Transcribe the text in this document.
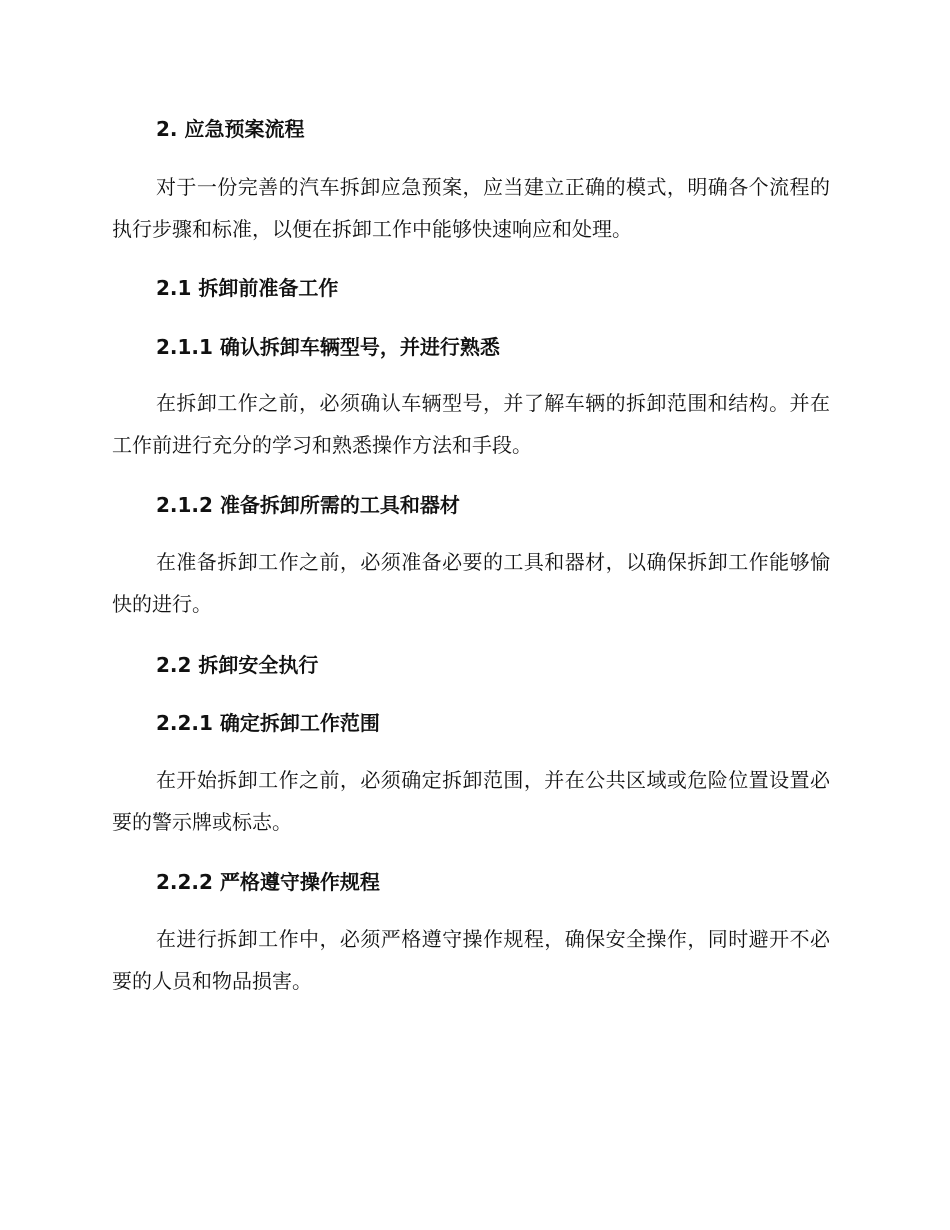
2. 应急预案流程
对于一份完善的汽车拆卸应急预案，应当建立正确的模式，明确各个流程的执行步骤和标准，以便在拆卸工作中能够快速响应和处理。
2.1 拆卸前准备工作
2.1.1 确认拆卸车辆型号，并进行熟悉
在拆卸工作之前，必须确认车辆型号，并了解车辆的拆卸范围和结构。并在工作前进行充分的学习和熟悉操作方法和手段。
2.1.2 准备拆卸所需的工具和器材
在准备拆卸工作之前，必须准备必要的工具和器材，以确保拆卸工作能够愉快的进行。
2.2 拆卸安全执行
2.2.1 确定拆卸工作范围
在开始拆卸工作之前，必须确定拆卸范围，并在公共区域或危险位置设置必要的警示牌或标志。
2.2.2 严格遵守操作规程
在进行拆卸工作中，必须严格遵守操作规程，确保安全操作，同时避开不必要的人员和物品损害。
